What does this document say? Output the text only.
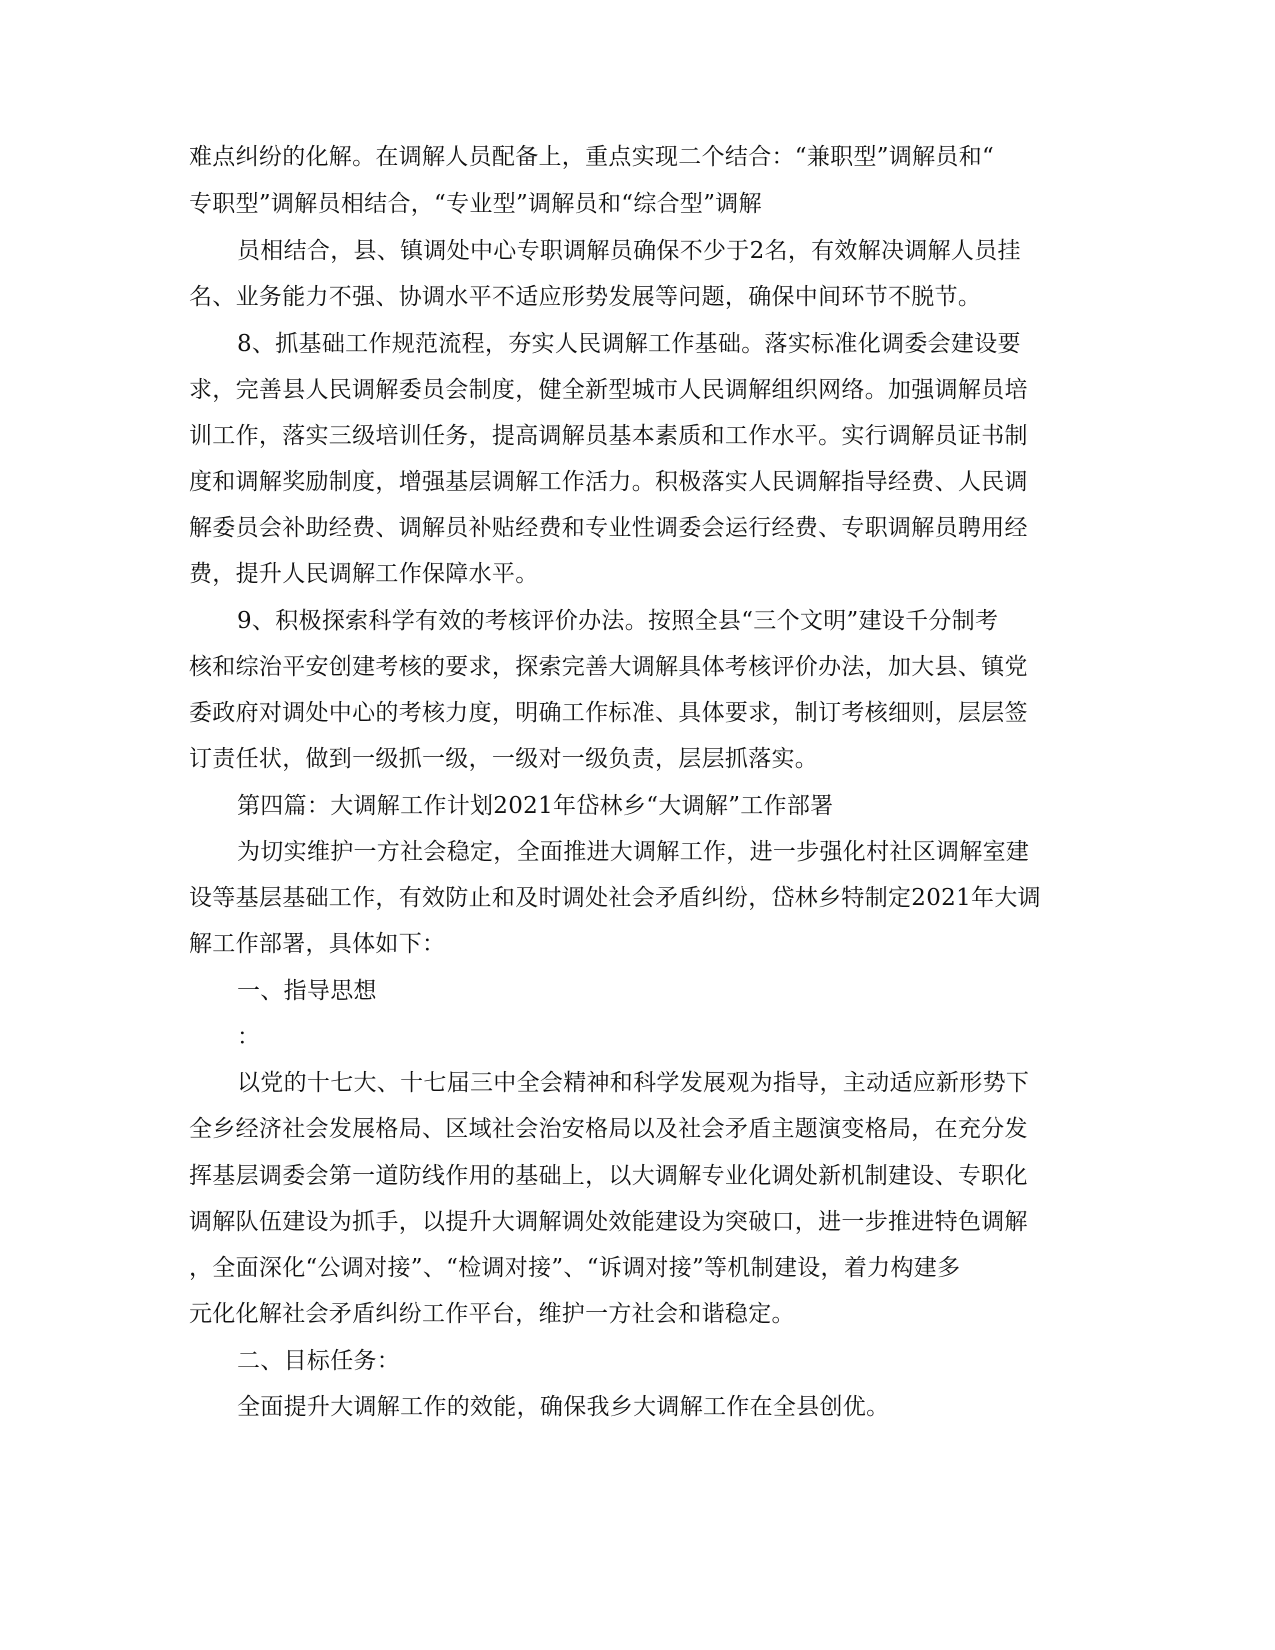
难点纠纷的化解。在调解人员配备上，重点实现二个结合：“兼职型”调解员和“
专职型”调解员相结合，“专业型”调解员和“综合型”调解
员相结合，县、镇调处中心专职调解员确保不少于2名，有效解决调解人员挂
名、业务能力不强、协调水平不适应形势发展等问题，确保中间环节不脱节。
8、抓基础工作规范流程，夯实人民调解工作基础。落实标准化调委会建设要
求，完善县人民调解委员会制度，健全新型城市人民调解组织网络。加强调解员培
训工作，落实三级培训任务，提高调解员基本素质和工作水平。实行调解员证书制
度和调解奖励制度，增强基层调解工作活力。积极落实人民调解指导经费、人民调
解委员会补助经费、调解员补贴经费和专业性调委会运行经费、专职调解员聘用经
费，提升人民调解工作保障水平。
9、积极探索科学有效的考核评价办法。按照全县“三个文明”建设千分制考
核和综治平安创建考核的要求，探索完善大调解具体考核评价办法，加大县、镇党
委政府对调处中心的考核力度，明确工作标准、具体要求，制订考核细则，层层签
订责任状，做到一级抓一级，一级对一级负责，层层抓落实。
第四篇：大调解工作计划2021年岱林乡“大调解”工作部署
为切实维护一方社会稳定，全面推进大调解工作，进一步强化村社区调解室建
设等基层基础工作，有效防止和及时调处社会矛盾纠纷，岱林乡特制定2021年大调
解工作部署，具体如下：
一、指导思想
：
以党的十七大、十七届三中全会精神和科学发展观为指导，主动适应新形势下
全乡经济社会发展格局、区域社会治安格局以及社会矛盾主题演变格局，在充分发
挥基层调委会第一道防线作用的基础上，以大调解专业化调处新机制建设、专职化
调解队伍建设为抓手，以提升大调解调处效能建设为突破口，进一步推进特色调解
，全面深化“公调对接”、“检调对接”、“诉调对接”等机制建设，着力构建多
元化化解社会矛盾纠纷工作平台，维护一方社会和谐稳定。
二、目标任务：
全面提升大调解工作的效能，确保我乡大调解工作在全县创优。
